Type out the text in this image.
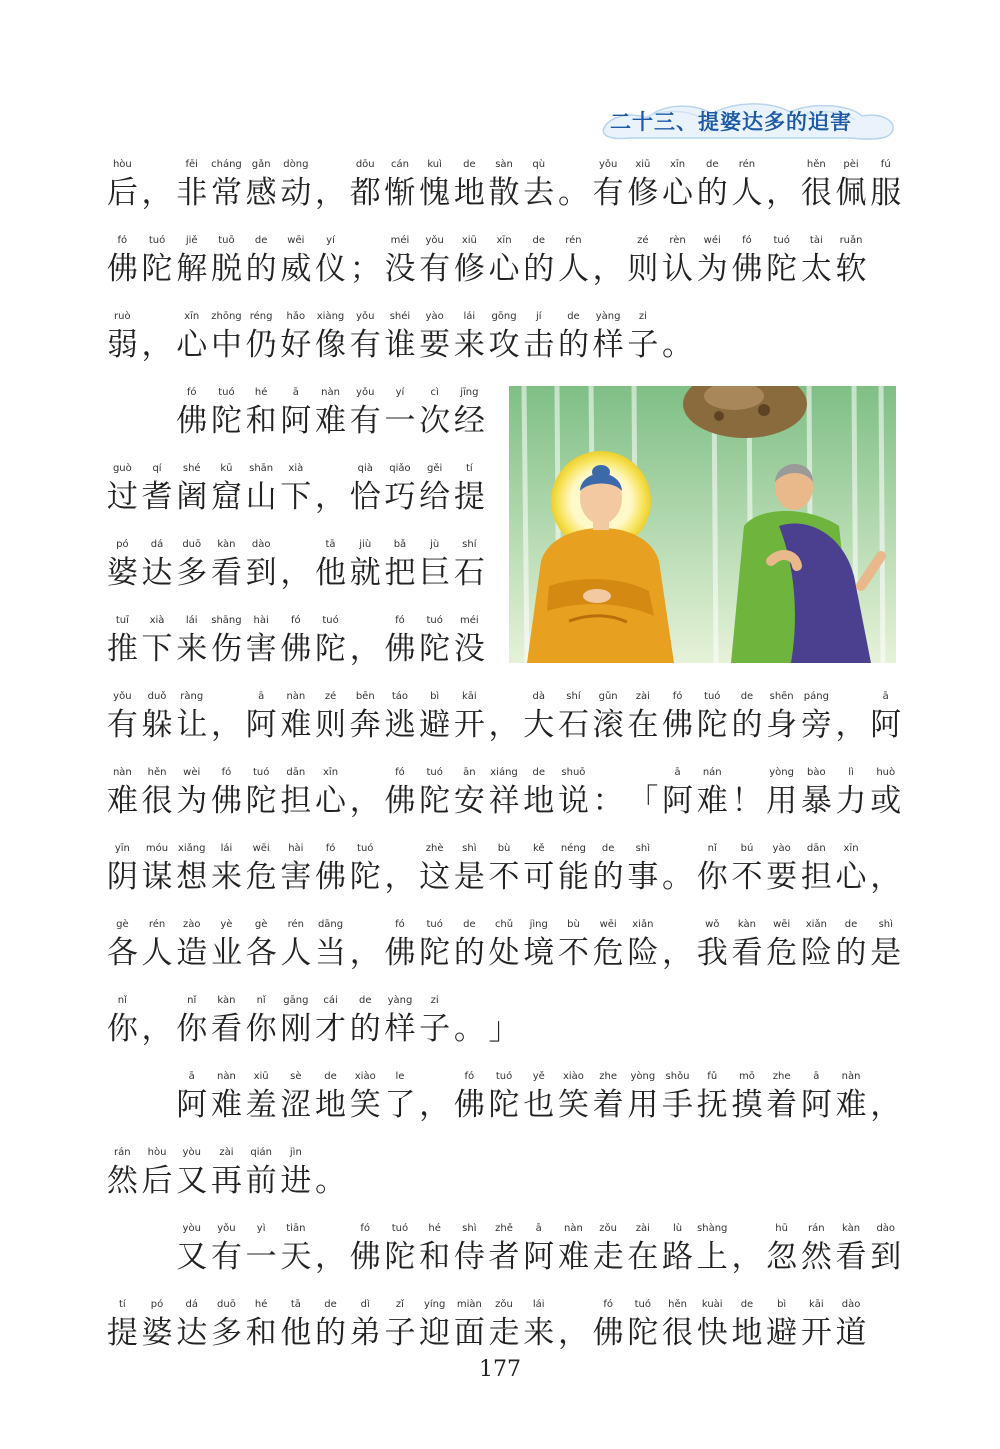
二十三、提婆达多的迫害
hòu
后 ，
fēi
非
cháng
常
gǎn
感
dòng
动 ，
dōu
都
cán
惭
kuì
愧
de
地
sàn
散
qù
去 。
yǒu
有
xiū
修
xīn
心
de
的
rén
人 ，
hěn
很
pèi
佩
fú
服
fó
佛
tuó
陀
jiě
解
tuō
脱
de
的
wēi
威
yí
仪 ；
méi
没
yǒu
有
xiū
修
xīn
心
de
的
rén
人 ，
zé
则
rèn
认
wéi
为
fó
佛
tuó
陀
tài
太
ruǎn
软
ruò
弱 ，
xīn
心
zhōng
中
réng
仍
hǎo
好
xiàng
像
yǒu
有
shéi
谁
yào
要
lái
来
gōng
攻
jí
击
de
的
yàng
样
zi
子 。
fó
佛
tuó
陀
hé
和
ā
阿
nàn
难
yǒu
有
yí
一
cì
次
jīng
经
guò
过
qí
耆
shé
阇
kū
窟
shān
山
xià
下 ，
qià
恰
qiǎo
巧
gěi
给
tí
提
pó
婆
dá
达
duō
多
kàn
看
dào
到 ，
tā
他
jiù
就
bǎ
把
jù
巨
shí
石
tuī
推
xià
下
lái
来
shāng
伤
hài
害
fó
佛
tuó
陀 ，
fó
佛
tuó
陀
méi
没
yǒu
有
duǒ
躲
ràng
让 ，
ā
阿
nàn
难
zé
则
bēn
奔
táo
逃
bì
避
kāi
开 ，
dà
大
shí
石
gǔn
滚
zài
在
fó
佛
tuó
陀
de
的
shēn
身
páng
旁 ，
ā
阿
nàn
难
hěn
很
wèi
为
fó
佛
tuó
陀
dān
担
xīn
心 ，
fó
佛
tuó
陀
ān
安
xiáng
祥
de
地
shuō
说 ： 「
ā
阿
nán
难 ！
yòng
用
bào
暴
lì
力
huò
或
yīn
阴
móu
谋
xiǎng
想
lái
来
wēi
危
hài
害
fó
佛
tuó
陀 ，
zhè
这
shì
是
bù
不
kě
可
néng
能
de
的
shì
事 。
nǐ
你
bú
不
yào
要
dān
担
xīn
心 ，
gè
各
rén
人
zào
造
yè
业
gè
各
rén
人
dāng
当 ，
fó
佛
tuó
陀
de
的
chǔ
处
jìng
境
bù
不
wēi
危
xiǎn
险 ，
wǒ
我
kàn
看
wēi
危
xiǎn
险
de
的
shì
是
nǐ
你 ，
nǐ
你
kàn
看
nǐ
你
gāng
刚
cái
才
de
的
yàng
样
zi
子 。 」
ā
阿
nàn
难
xiū
羞
sè
涩
de
地
xiào
笑
le
了 ，
fó
佛
tuó
陀
yě
也
xiào
笑
zhe
着
yòng
用
shǒu
手
fǔ
抚
mō
摸
zhe
着
ā
阿
nàn
难 ，
rán
然
hòu
后
yòu
又
zài
再
qián
前
jìn
进 。
yòu
又
yǒu
有
yì
一
tiān
天 ，
fó
佛
tuó
陀
hé
和
shì
侍
zhě
者
ā
阿
nàn
难
zǒu
走
zài
在
lù
路
shàng
上 ，
hū
忽
rán
然
kàn
看
dào
到
tí
提
pó
婆
dá
达
duō
多
hé
和
tā
他
de
的
dì
弟
zǐ
子
yíng
迎
miàn
面
zǒu
走
lái
来 ，
fó
佛
tuó
陀
hěn
很
kuài
快
de
地
bì
避
kāi
开
dào
道
177
